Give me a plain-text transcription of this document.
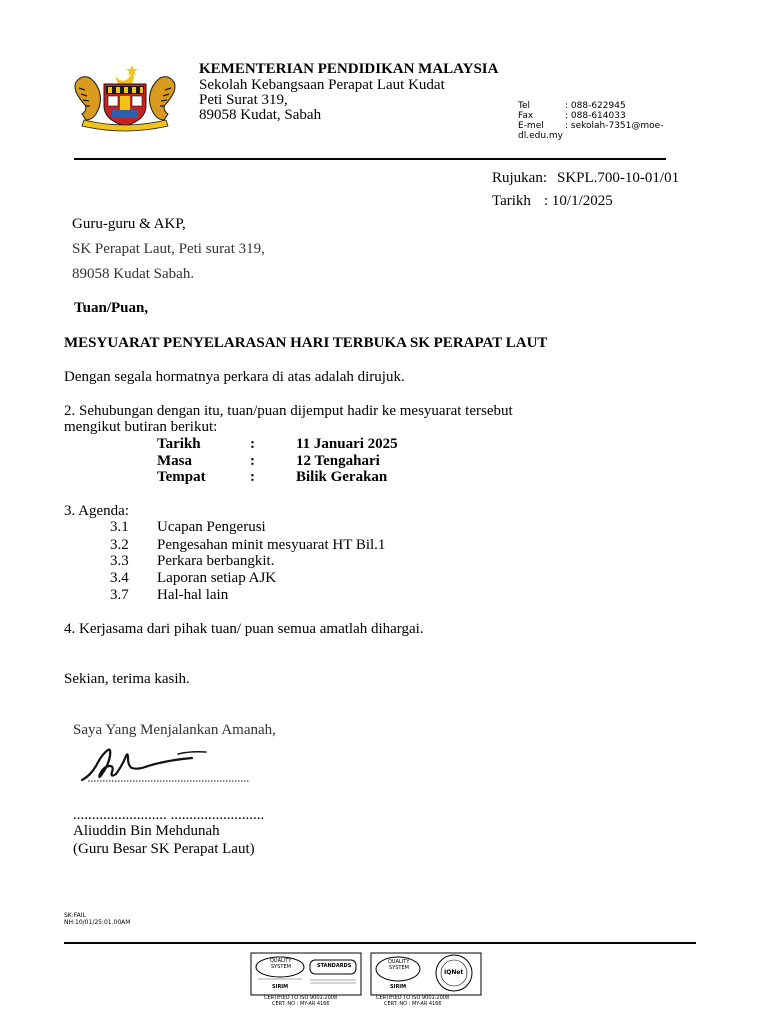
KEMENTERIAN PENDIDIKAN MALAYSIA
Sekolah Kebangsaan Perapat Laut Kudat
Peti Surat 319,
89058 Kudat, Sabah
Tel	: 088-622945
Fax	: 088-614033
E-mel : sekolah-7351@moe-
dl.edu.my
Rujukan: SKPL.700-10-01/01
Tarikh : 10/1/2025
Guru-guru & AKP,
SK Perapat Laut, Peti surat 319,
89058 Kudat Sabah.
Tuan/Puan,
MESYUARAT PENYELARASAN HARI TERBUKA SK PERAPAT LAUT
Dengan segala hormatnya perkara di atas adalah dirujuk.
2. Sehubungan dengan itu, tuan/puan dijemput hadir ke mesyuarat tersebut
mengikut butiran berikut:
Tarikh	:	11 Januari 2025
Masa	:	12 Tengahari
Tempat	:	Bilik Gerakan
3. Agenda:
3.1 Ucapan Pengerusi
3.2 Pengesahan minit mesyuarat HT Bil.1
3.3 Perkara berbangkit.
3.4 Laporan setiap AJK
3.7 Hal-hal lain
4. Kerjasama dari pihak tuan/ puan semua amatlah dihargai.
Sekian, terima kasih.
Saya Yang Menjalankan Amanah,
......................... .........................
Aliuddin Bin Mehdunah
(Guru Besar SK Perapat Laut)
SK:FAIL
NH:10/01/25:01.00AM
QUALITY
SYSTEM
SIRIM
STANDARDS
CERTIFIED TO ISO 9001:2008
CERT. NO : MY-AR 4166
QUALITY
SYSTEM
SIRIM
IQNet
CERTIFIED TO ISO 9001:2008
CERT. NO : MY-AR 4166
